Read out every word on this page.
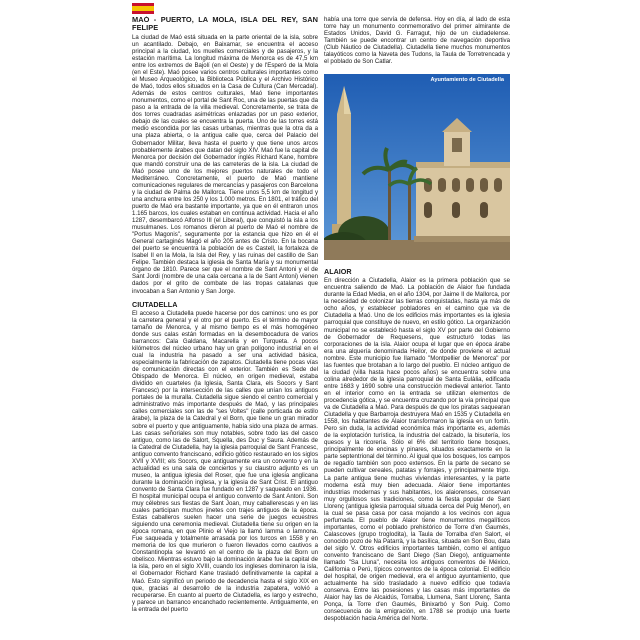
MAÓ - PUERTO, LA MOLA, ISLA DEL REY, SAN FELIPE

La ciudad de Maó está situada en la parte oriental de la isla, sobre un acantilado. Debajo, en Baixamar, se encuentra el acceso principal a la ciudad, los muelles comerciales y de pasajeros, y la estación marítima. La longitud máxima de Menorca es de 47,5 km entre los extremos de Bajolí (en el Oeste) y de l'Esperó de la Mola (en el Este). Maó posee varios centros culturales importantes como el Museo Arqueológico, la Biblioteca Pública y el Archivo Histórico de Maó, todos ellos situados en la Casa de Cultura (Can Mercadal). Además de estos centros culturales, Maó tiene importantes monumentos, como el portal de Sant Roc, una de las puertas que da paso a la entrada de la villa medieval. Concretamente, se trata de dos torres cuadradas asimétricas enlazadas por un paso exterior, debajo de las cuales se encuentra la puerta. Uno de las torres está medio escondida por las casas urbanas, mientras que la otra da a una plaza abierta, o la antigua calle que, cerca del Palacio del Gobernador Militar, lleva hasta el puerto y que tiene unos arcos probablemente árabes que datan del siglo XIV. Maó fue la capital de Menorca por decisión del Gobernador inglés Richard Kane, hombre que mandó construir una de las carreteras de la isla. La ciudad de Maó posee uno de los mejores puertos naturales de todo el Mediterráneo. Concretamente, el puerto de Maó mantiene comunicaciones regulares de mercancías y pasajeros con Barcelona y la ciudad de Palma de Mallorca. Tiene unos 5,5 km de longitud y una anchura entre los 250 y los 1.000 metros. En 1801, el tráfico del puerto de Maó era bastante importante, ya que en él entraron unos 1.165 barcos, los cuales estaban en continua actividad. Hacia el año 1287, desembarcó Alfonso III (el Liberal), que conquistó la isla a los musulmanes. Los romanos dieron al puerto de Maó el nombre de "Portus Magonis", seguramente por la estancia que hizo en él el General cartaginés Magó el año 205 antes de Cristo. En la bocana del puerto se encuentra la población de es Castell, la fortaleza de Isabel II en la Mola, la Isla del Rey, y las ruinas del castillo de San Felipe. También destaca la iglesia de Santa María y su monumental órgano de 1810. Parece ser que el nombre de Sant Antoni y el de Sant Jordi (nombre de una cala cercana a la de Sant Antoni) vienen dados por el grito de combate de las tropas catalanas que invocaban a San Antonio y San Jorge.

CIUTADELLA

El acceso a Ciutadella puede hacerse por dos caminos: uno es por la carretera general y el otro por el puerto. Es el término de mayor tamaño de Menorca, y al mismo tiempo es el más homogéneo donde sus calas están formadas en la desembocadura de varios barrancos: Cala Galdana, Macarella y en Turqueta. A pocos kilómetros del núcleo urbano hay un gran polígono industrial en el cual la industria ha pasado a ser una actividad básica, especialmente la fabricación de zapatos. Ciutadella tiene pocas vías de comunicación directas con el exterior. También es Sede del Obispado de Menorca. El núcleo, en origen medieval, estaba dividido en cuarteles (la Iglesia, Santa Clara, els Socors y Sant Francesc) por la intersección de las calles que unían los antiguos portales de la muralla. Ciutadella sigue siendo el centro comercial y administrativo más importante después de Maó, y las principales calles comerciales son las de "ses Voltes" (calle porticada de estilo árabe), la plaza de la Catedral y el Born, que tiene un gran mirador sobre el puerto y que antiguamente, había sido una plaza de armas. Las casas señoriales son muy notables, sobre todo las del casco antiguo, como las de Salort, Squella, des Duc y Saura. Además de la Catedral de Ciutadella, hay la iglesia parroquial de Sant Francesc, antiguo convento franciscano, edificio gótico restaurado en los siglos XVII y XVIII; els Socors, que antiguamente era un convento y en la actualidad es una sala de conciertos y su claustro adjunto es un museo, la antigua iglesia del Roser, que fue una iglesia anglicana durante la dominación inglesa, y la iglesia de Sant Crist. El antiguo convento de Santa Clara fue fundado en 1287 y saqueado en 1936. El hospital municipal ocupa el antiguo convento de Sant Antoni. Son muy célebres sus fiestas de Sant Joan, muy caballerescas y en las cuales participan muchos jinetes con trajes antiguos de la época. Estas caballeros suelen hacer una serie de juegos ecuestres siguiendo una ceremonia medieval. Ciutadella tiene su origen en la época romana, en que Plinio el Viejo la llamó Iamma o Iamnona. Fue saqueada y totalmente arrasada por los turcos en 1558 y en memoria de los que murieron o fueron llevados como cautivos a Constantinopla se levantó en el centro de la plaza del Born un obelisco. Mientras estuvo bajo la dominación árabe fue la capital de la isla, pero en el siglo XVIII, cuando los ingleses dominaron la isla, el Gobernador Richard Kane trasladó definitivamente la capital a Maó. Esto significó un periodo de decadencia hasta el siglo XIX en que, gracias al desarrollo de la industria zapatera, volvió a recuperarse. En cuanto al puerto de Ciutadella, es largo y estrecho, y parece un barranco encanchado recientemente. Antiguamente, en la entrada del puerto

había una torre que servía de defensa. Hoy en día, al lado de esta torre hay un monumento conmemorativo del primer almirante de Estados Unidos, David G. Farragut, hijo de un ciudadelense. También se puede encontrar un centro de navegación deportiva (Club Náutico de Ciutadella). Ciutadella tiene muchos monumentos talayóticos como la Naveta des Tudons, la Taula de Torretrencada y el poblado de Son Catlar.

Ayuntamiento de Ciutadella
ALAIOR

En dirección a Ciutadella, Alaior es la primera población que se encuentra saliendo de Maó. La población de Alaior fue fundada durante la Edad Media, en el año 1304, por Jaime II de Mallorca, por la necesidad de colonizar las tierras conquistadas, hasta ya más de ocho años, y establecer pobladores en el camino que va de Ciutadella a Maó. Uno de los edificios más importantes es la iglesia parroquial que constituye de nuevo, en estilo gótico. La organización municipal no se estableció hasta el siglo XV por parte del Gobierno de Gobernador de Requesens, que estructuró todas las corporaciones de la isla. Alaior ocupa el lugar que en época árabe era una alquería denominada Heilor, de donde proviene el actual nombre. Este municipio fue llamado "Montpellier de Menorca" por las fuentes que brotaban a lo largo del pueblo. El núcleo antiguo de la ciudad (villa hasta hace pocos años) se encuentra sobre una colina alrededor de la iglesia parroquial de Santa Eulàlia, edificada entre 1683 y 1690 sobre una construcción medieval anterior. Tanto en el interior como en la entrada se utilizan elementos de procedencia gótica, y se encuentra cruzando por la vía principal que va de Ciutadella a Maó. Para después de que los piratas saquearan Ciutadella y que Barbarroja destruyera Maó en 1535 y Ciutadella en 1558, los habitantes de Alaior transformaron la iglesia en un fortín. Pero sin duda, la actividad económica más importante es, además de la explotación turística, la industria del calzado, la bisutería, los quesos y la ricorería. Sólo el 6% del territorio tiene bosques, principalmente de encinas y pinares, situados exactamente en la parte septentrional del término. Al igual que los bosques, los campos de regadío también son poco extensos. En la parte de secano se pueden cultivar cereales, patatas y forrajes, y principalmente trigo. La parte antigua tiene muchas viviendas interesantes, y la parte moderna está muy bien adecuada. Alaior tiene importantes industrias modernas y sus habitantes, los alaiorenses, conservan muy orgullosos sus tradiciones, como la fiesta popular de Sant Llorenç (antigua iglesia parroquial situada cerca del Puig Menor), en la cual se pasa casa por casa mojando a los vecinos con agua perfumada. El pueblo de Alaior tiene monumentos megalíticos importantes, como el poblado prehistórico de Torre d'en Gaumés, Calascoves (grupo troglodita), la Taula de Torralba d'en Salort, el conocido pozo de Na Patarrà, y la basílica, situada en Son Bou, data del siglo V. Otros edificios importantes también, como el antiguo convento franciscano de Sant Diego (San Diego), antiguamente llamado "Sa Lluna", necesita los antiguos conventos de México, California o Perú, típicos conventos de la época colonial. El edificio del hospital, de origen medieval, era el antiguo ayuntamiento, que actualmente ha sido trasladado a nuevo edificio que todavía conserva. Entre las posesiones y las casas más importantes de Alaior hay las de Alcaidús, Torralba, Llumena, Sant Llorenç, Santa Ponça, la Torre d'en Gaumés, Binixarbó y Son Puig. Como consecuencia de la emigración, en 1788 se produjo una fuerte despoblación hacia América del Norte.
